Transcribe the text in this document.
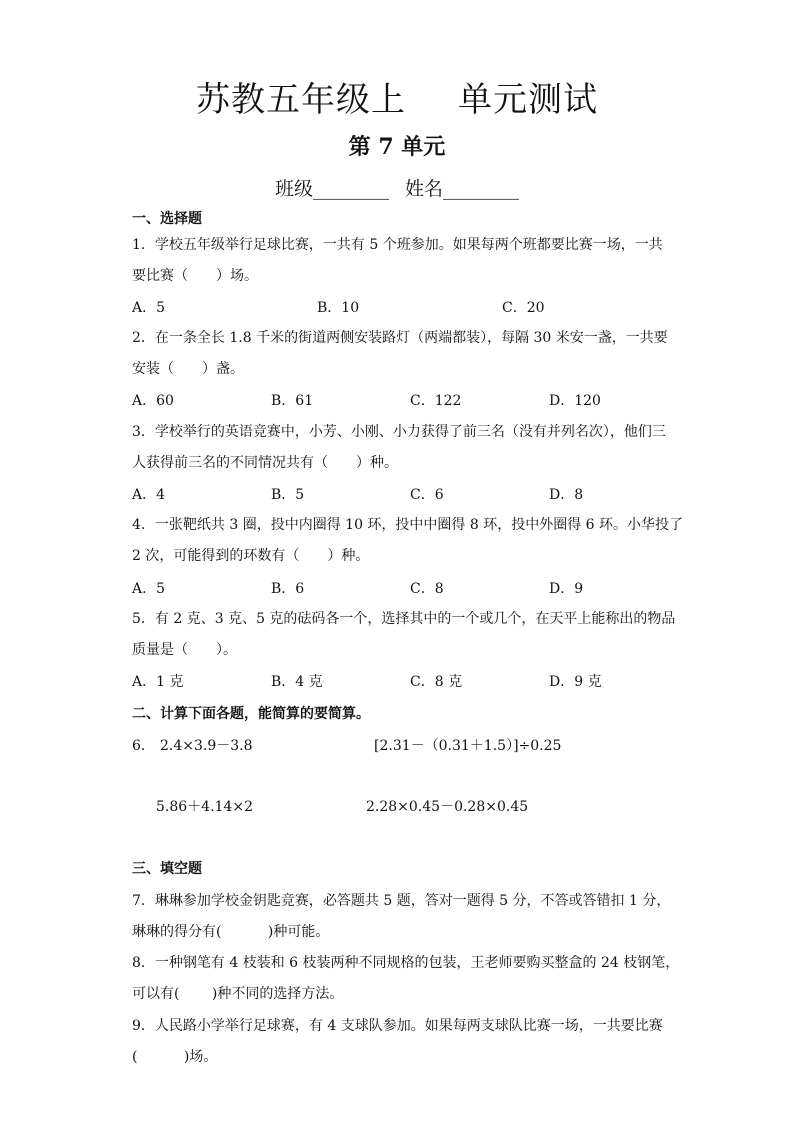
苏教五年级上 单元测试
第 7 单元
班级________ 姓名________
一、选择题
1．学校五年级举行足球比赛，一共有 5 个班参加。如果每两个班都要比赛一场，一共
要比赛（　　）场。
A．5	B．10	C．20
2．在一条全长 1.8 千米的街道两侧安装路灯（两端都装），每隔 30 米安一盏，一共要
安装（　　）盏。
A．60	B．61	C．122	D．120
3．学校举行的英语竞赛中，小芳、小刚、小力获得了前三名（没有并列名次），他们三
人获得前三名的不同情况共有（　　）种。
A．4	B．5	C．6	D．8
4．一张靶纸共 3 圈，投中内圈得 10 环，投中中圈得 8 环，投中外圈得 6 环。小华投了
2 次，可能得到的环数有（　　）种。
A．5	B．6	C．8	D．9
5．有 2 克、3 克、5 克的砝码各一个，选择其中的一个或几个，在天平上能称出的物品
质量是（　　）。
A．1 克	B．4 克	C．8 克	D．9 克
二、计算下面各题，能简算的要简算。
6． 2.4×3.9－3.8	[2.31－（0.31＋1.5）]÷0.25
5.86＋4.14×2	2.28×0.45－0.28×0.45
三、填空题
7．琳琳参加学校金钥匙竞赛，必答题共 5 题，答对一题得 5 分，不答或答错扣 1 分，
琳琳的得分有(　　　 )种可能。
8．一种钢笔有 4 枝装和 6 枝装两种不同规格的包装，王老师要购买整盒的 24 枝钢笔，
可以有(　　 )种不同的选择方法。
9．人民路小学举行足球赛，有 4 支球队参加。如果每两支球队比赛一场，一共要比赛
(　　　 )场。
